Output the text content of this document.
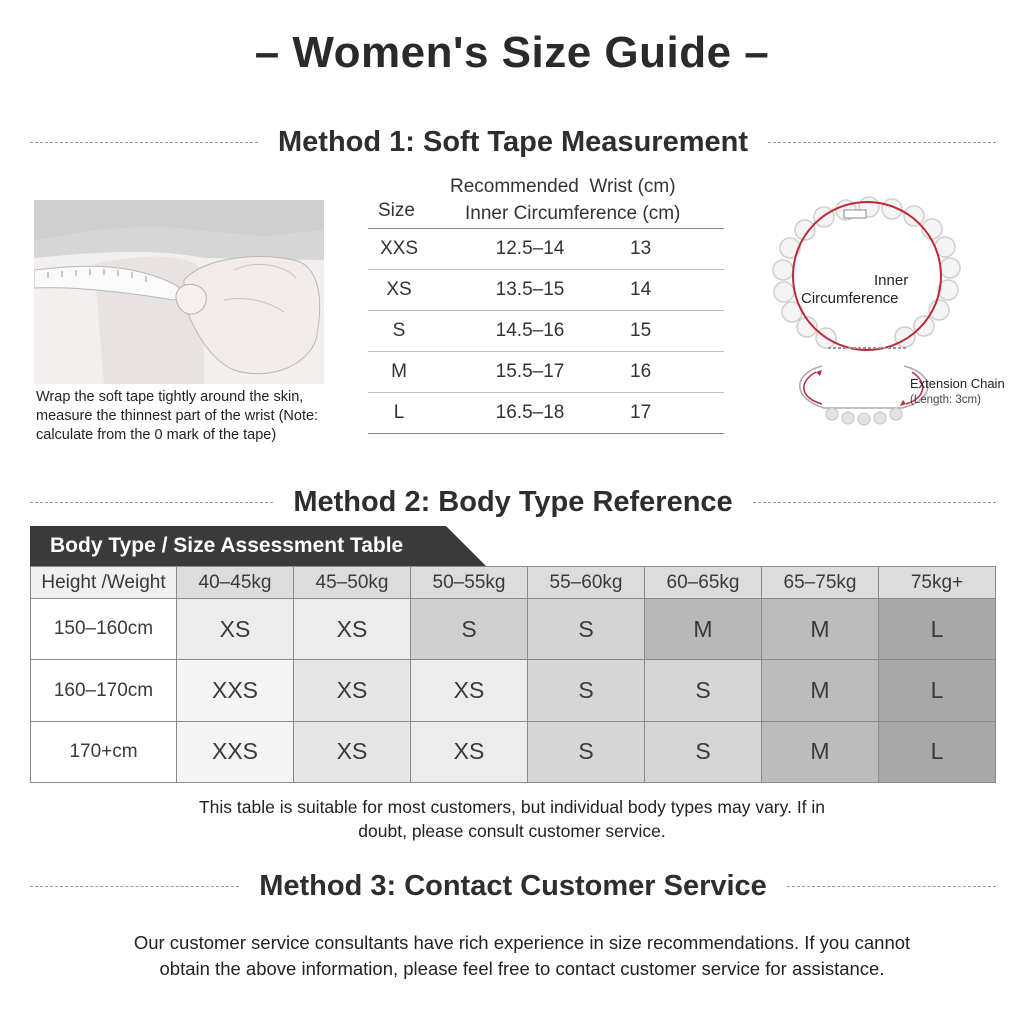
– Women's Size Guide –
Method 1: Soft Tape Measurement
Wrap the soft tape tightly around the skin, measure the thinnest part of the wrist (Note: calculate from the 0 mark of the tape)
Size
Recommended  Wrist (cm)
Inner Circumference (cm)
XXS	12.5–14	13
XS	13.5–15	14
S	14.5–16	15
M	15.5–17	16
L	16.5–18	17
Inner
Circumference
Extension Chain
(Length: 3cm)
Method 2: Body Type Reference
Body Type / Size Assessment Table
Height /Weight	40–45kg	45–50kg	50–55kg	55–60kg	60–65kg	65–75kg	75kg+
150–160cm	XS	XS	S	S	M	M	L
160–170cm	XXS	XS	XS	S	S	M	L
170+cm	XXS	XS	XS	S	S	M	L
This table is suitable for most customers, but individual body types may vary. If in
doubt, please consult customer service.
Method 3: Contact Customer Service
Our customer service consultants have rich experience in size recommendations. If you cannot
obtain the above information, please feel free to contact customer service for assistance.
